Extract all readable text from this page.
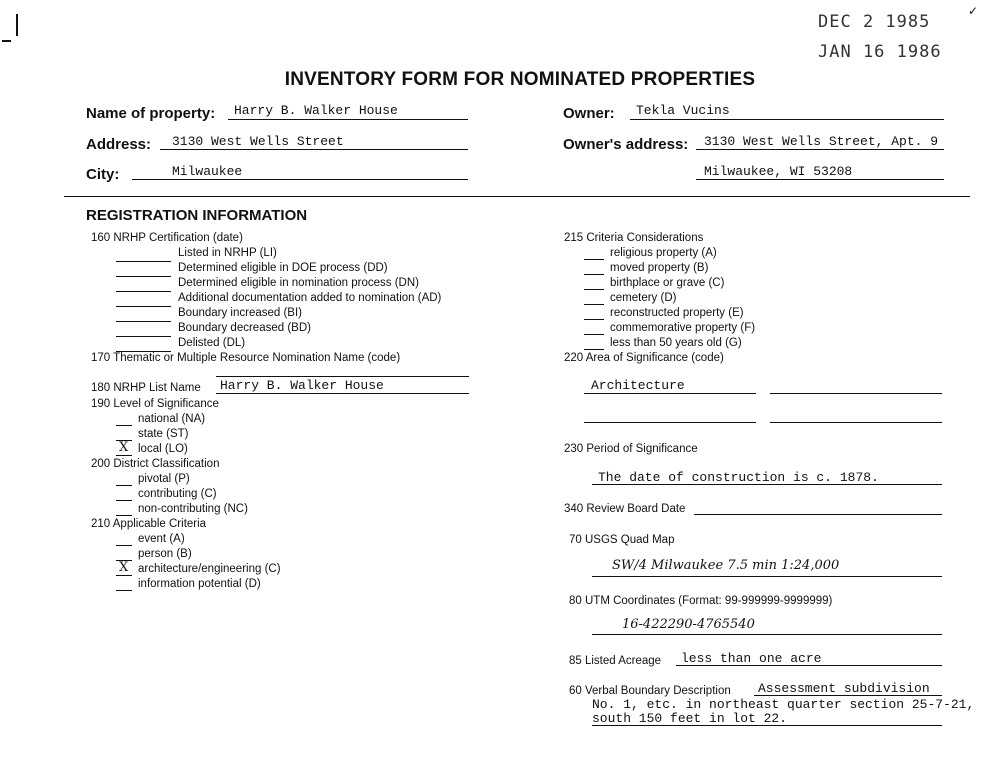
DEC 2 1985
JAN 16 1986
✓
INVENTORY FORM FOR NOMINATED PROPERTIES
Name of property: Harry B. Walker House
Address: 3130 West Wells Street
City:	Milwaukee
Owner: Tekla Vucins
Owner's address: 3130 West Wells Street, Apt. 9
Milwaukee, WI 53208
REGISTRATION INFORMATION
160 NRHP Certification (date)
Listed in NRHP (LI)
Determined eligible in DOE process (DD)
Determined eligible in nomination process (DN)
Additional documentation added to nomination (AD)
Boundary increased (BI)
Boundary decreased (BD)
Delisted (DL)
170 Thematic or Multiple Resource Nomination Name (code)
180 NRHP List Name Harry B. Walker House
190 Level of Significance
national (NA)
state (ST)
X local (LO)
200 District Classification
pivotal (P)
contributing (C)
non-contributing (NC)
210 Applicable Criteria
event (A)
person (B)
X architecture/engineering (C)
information potential (D)
215 Criteria Considerations
religious property (A)
moved property (B)
birthplace or grave (C)
cemetery (D)
reconstructed property (E)
commemorative property (F)
less than 50 years old (G)
220 Area of Significance (code)
Architecture
230 Period of Significance
The date of construction is c. 1878.
340 Review Board Date
70 USGS Quad Map
SW/4 Milwaukee 7.5 min 1:24,000
80 UTM Coordinates (Format: 99-999999-9999999)
16-422290-4765540
85 Listed Acreage less than one acre
60 Verbal Boundary Description Assessment subdivision
No. 1, etc. in northeast quarter section 25-7-21,
south 150 feet in lot 22.
